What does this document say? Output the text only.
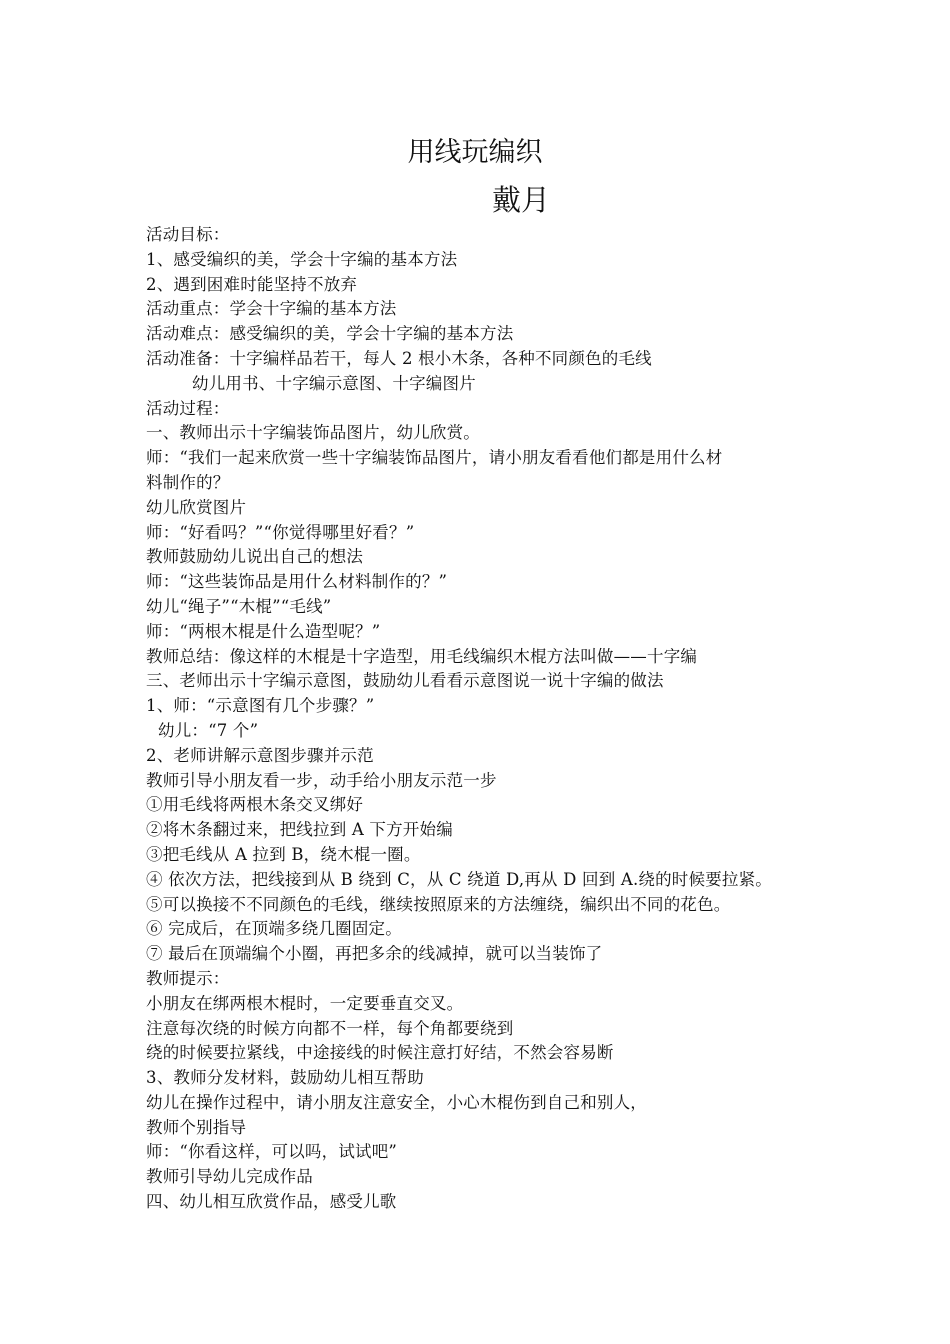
用线玩编织
戴月
活动目标：
1、感受编织的美，学会十字编的基本方法
2、遇到困难时能坚持不放弃
活动重点：学会十字编的基本方法
活动难点：感受编织的美，学会十字编的基本方法
活动准备：十字编样品若干，每人 2 根小木条，各种不同颜色的毛线
幼儿用书、十字编示意图、十字编图片
活动过程：
一、教师出示十字编装饰品图片，幼儿欣赏。
师：“我们一起来欣赏一些十字编装饰品图片，请小朋友看看他们都是用什么材
料制作的？
幼儿欣赏图片
师：“好看吗？”“你觉得哪里好看？”
教师鼓励幼儿说出自己的想法
师：“这些装饰品是用什么材料制作的？”
幼儿“绳子”“木棍”“毛线”
师：“两根木棍是什么造型呢？”
教师总结：像这样的木棍是十字造型，用毛线编织木棍方法叫做——十字编
三、老师出示十字编示意图，鼓励幼儿看看示意图说一说十字编的做法
1、师：“示意图有几个步骤？”
幼儿：“7 个”
2、老师讲解示意图步骤并示范
教师引导小朋友看一步，动手给小朋友示范一步
①用毛线将两根木条交叉绑好
②将木条翻过来，把线拉到 A 下方开始编
③把毛线从 A 拉到 B，绕木棍一圈。
④ 依次方法，把线接到从 B 绕到 C，从 C 绕道 D,再从 D 回到 A.绕的时候要拉紧。
⑤可以换接不不同颜色的毛线，继续按照原来的方法缠绕，编织出不同的花色。
⑥ 完成后，在顶端多绕几圈固定。
⑦ 最后在顶端编个小圈，再把多余的线减掉，就可以当装饰了
教师提示：
小朋友在绑两根木棍时，一定要垂直交叉。
注意每次绕的时候方向都不一样，每个角都要绕到
绕的时候要拉紧线，中途接线的时候注意打好结，不然会容易断
3、教师分发材料，鼓励幼儿相互帮助
幼儿在操作过程中，请小朋友注意安全，小心木棍伤到自己和别人，
教师个别指导
师：“你看这样，可以吗，试试吧”
教师引导幼儿完成作品
四、幼儿相互欣赏作品，感受儿歌
